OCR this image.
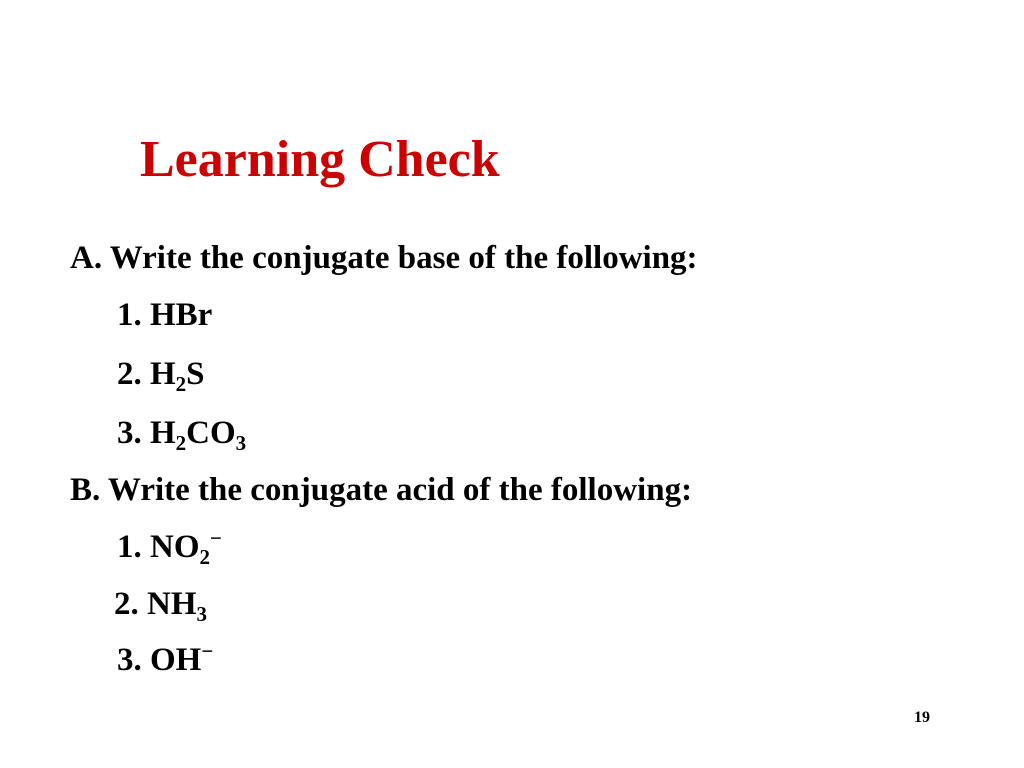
Learning Check
A. Write the conjugate base of the following:
1. HBr
2. $H_2S$
3. $H_2CO_3$
B. Write the conjugate acid of the following:
1. $NO_2^-$
2. $NH_3$
3. OH−
19
